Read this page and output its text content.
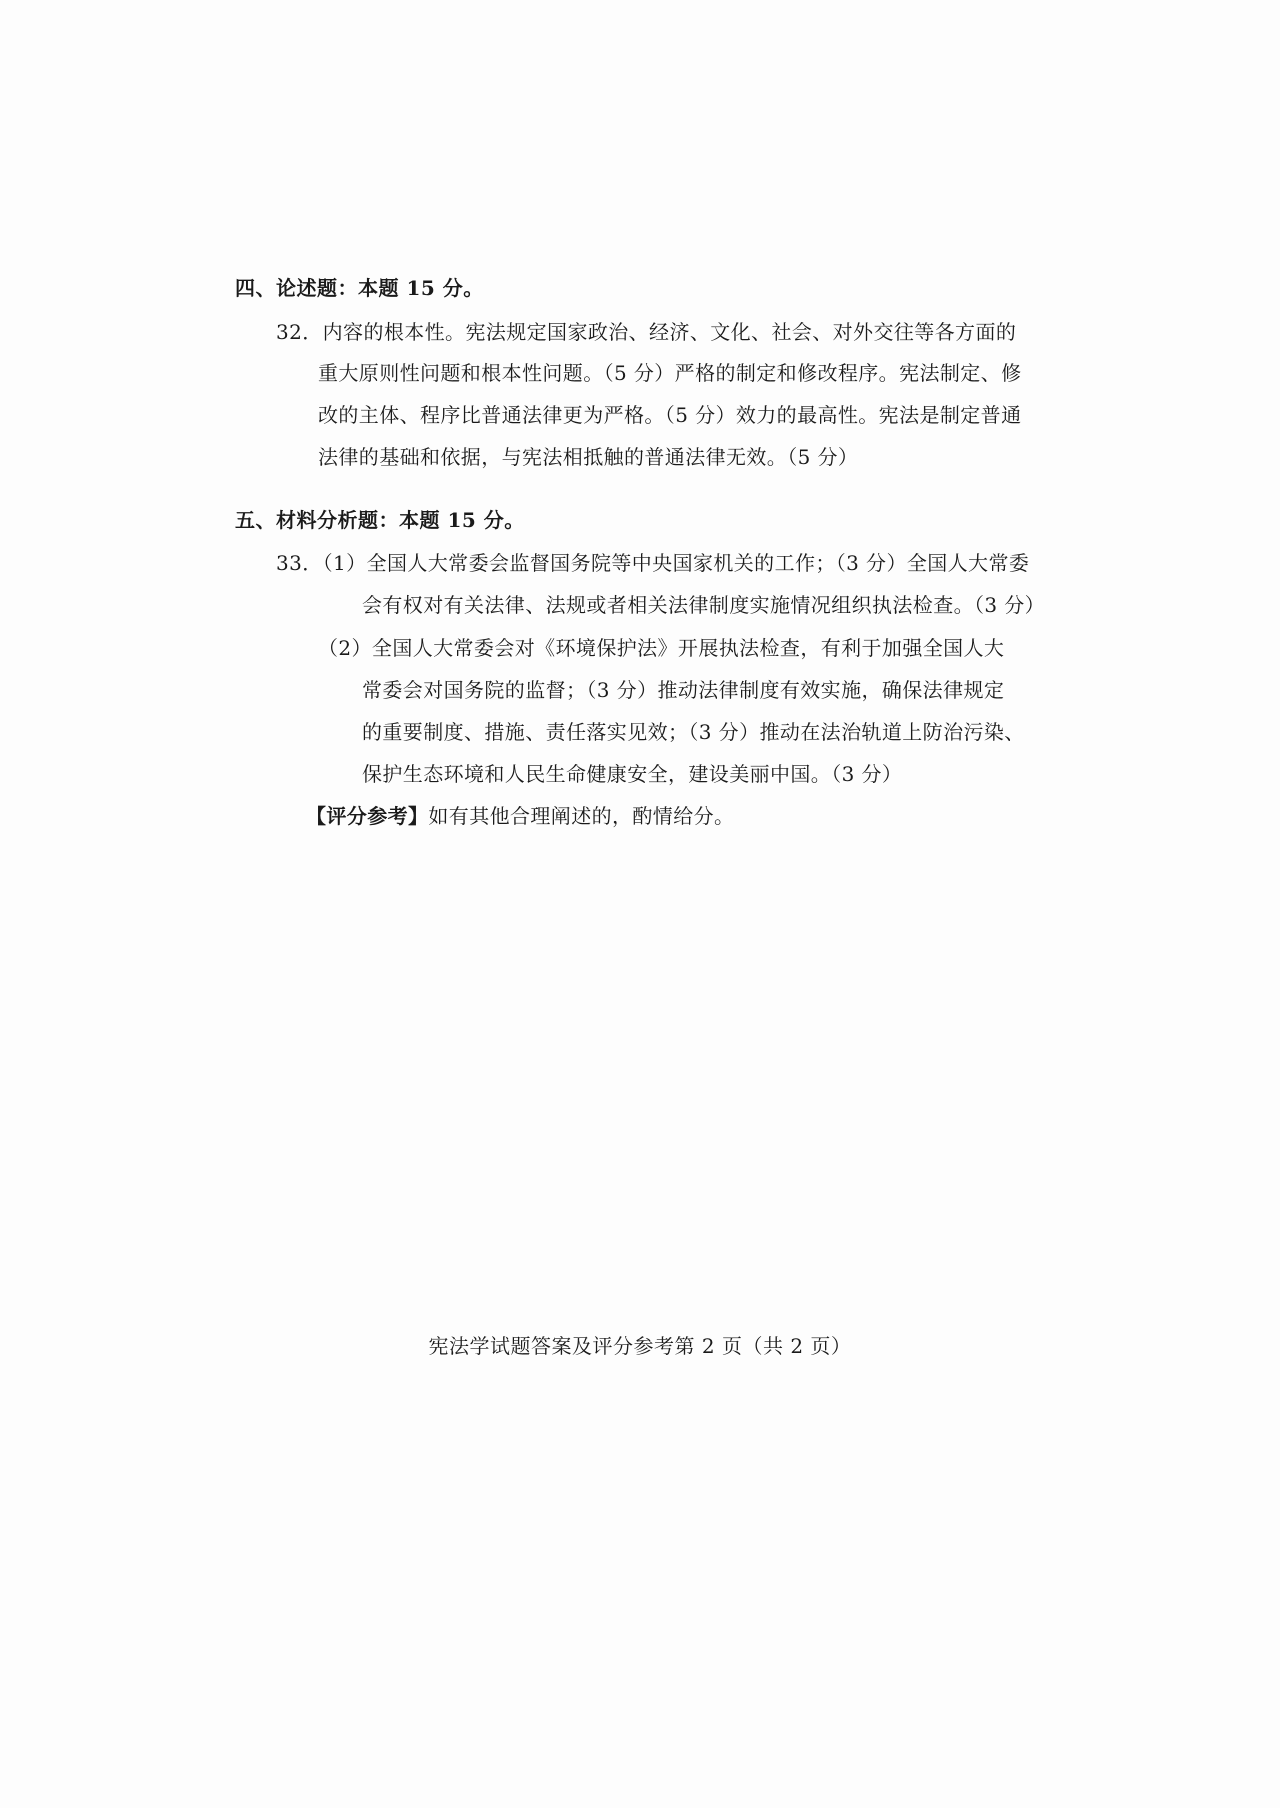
四、论述题：本题 15 分。
32．内容的根本性。宪法规定国家政治、经济、文化、社会、对外交往等各方面的
重大原则性问题和根本性问题。（5 分）严格的制定和修改程序。宪法制定、修
改的主体、程序比普通法律更为严格。（5 分）效力的最高性。宪法是制定普通
法律的基础和依据，与宪法相抵触的普通法律无效。（5 分）
五、材料分析题：本题 15 分。
33．（1）全国人大常委会监督国务院等中央国家机关的工作；（3 分）全国人大常委
会有权对有关法律、法规或者相关法律制度实施情况组织执法检查。（3 分）
（2）全国人大常委会对《环境保护法》开展执法检查，有利于加强全国人大
常委会对国务院的监督；（3 分）推动法律制度有效实施，确保法律规定
的重要制度、措施、责任落实见效；（3 分）推动在法治轨道上防治污染、
保护生态环境和人民生命健康安全，建设美丽中国。（3 分）
【评分参考】如有其他合理阐述的，酌情给分。
宪法学试题答案及评分参考第 2 页（共 2 页）
